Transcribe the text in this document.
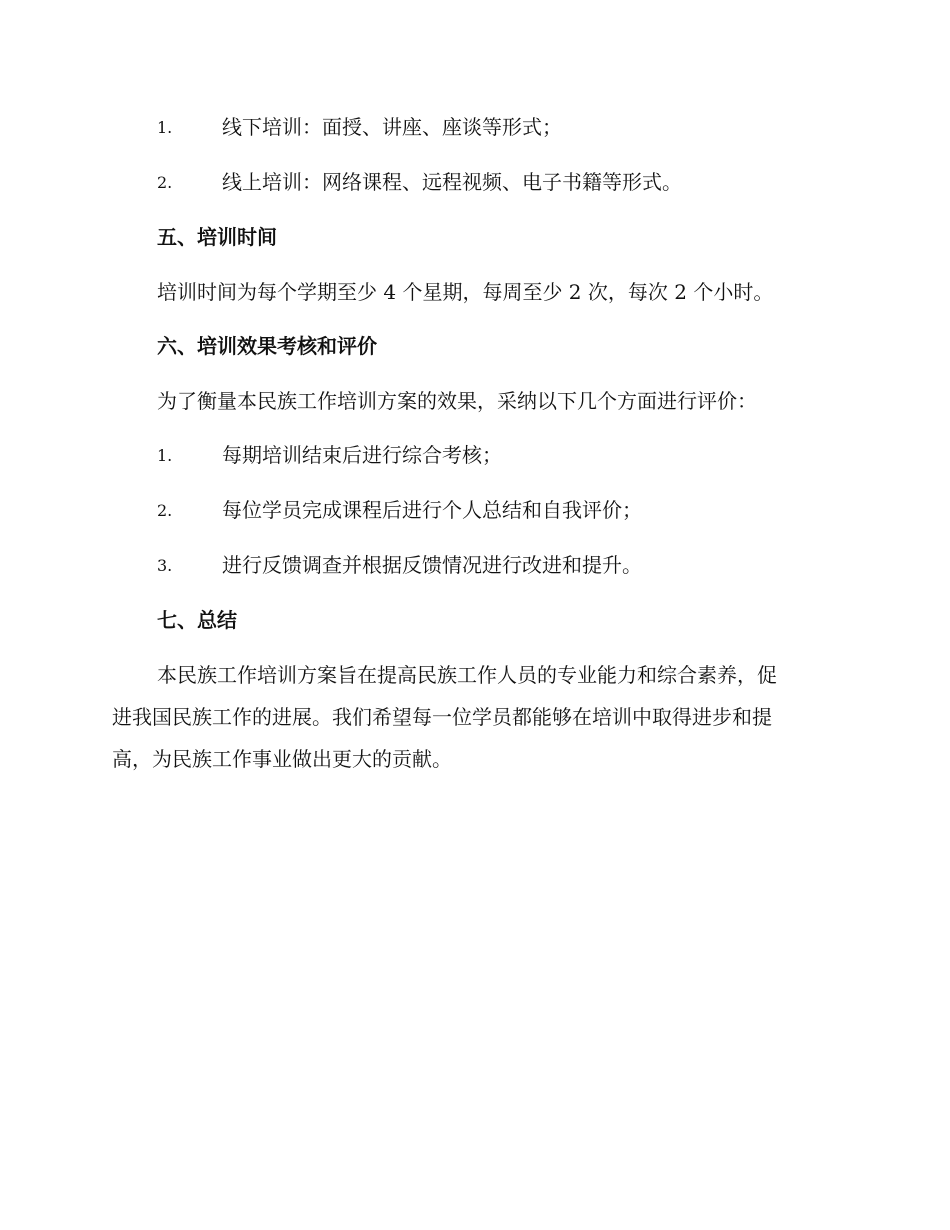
1. 线下培训：面授、讲座、座谈等形式；
2. 线上培训：网络课程、远程视频、电子书籍等形式。
五、培训时间
培训时间为每个学期至少 4 个星期，每周至少 2 次，每次 2 个小时。
六、培训效果考核和评价
为了衡量本民族工作培训方案的效果，采纳以下几个方面进行评价：
1. 每期培训结束后进行综合考核；
2. 每位学员完成课程后进行个人总结和自我评价；
3. 进行反馈调查并根据反馈情况进行改进和提升。
七、总结
本民族工作培训方案旨在提高民族工作人员的专业能力和综合素养，促
进我国民族工作的进展。我们希望每一位学员都能够在培训中取得进步和提
高，为民族工作事业做出更大的贡献。
